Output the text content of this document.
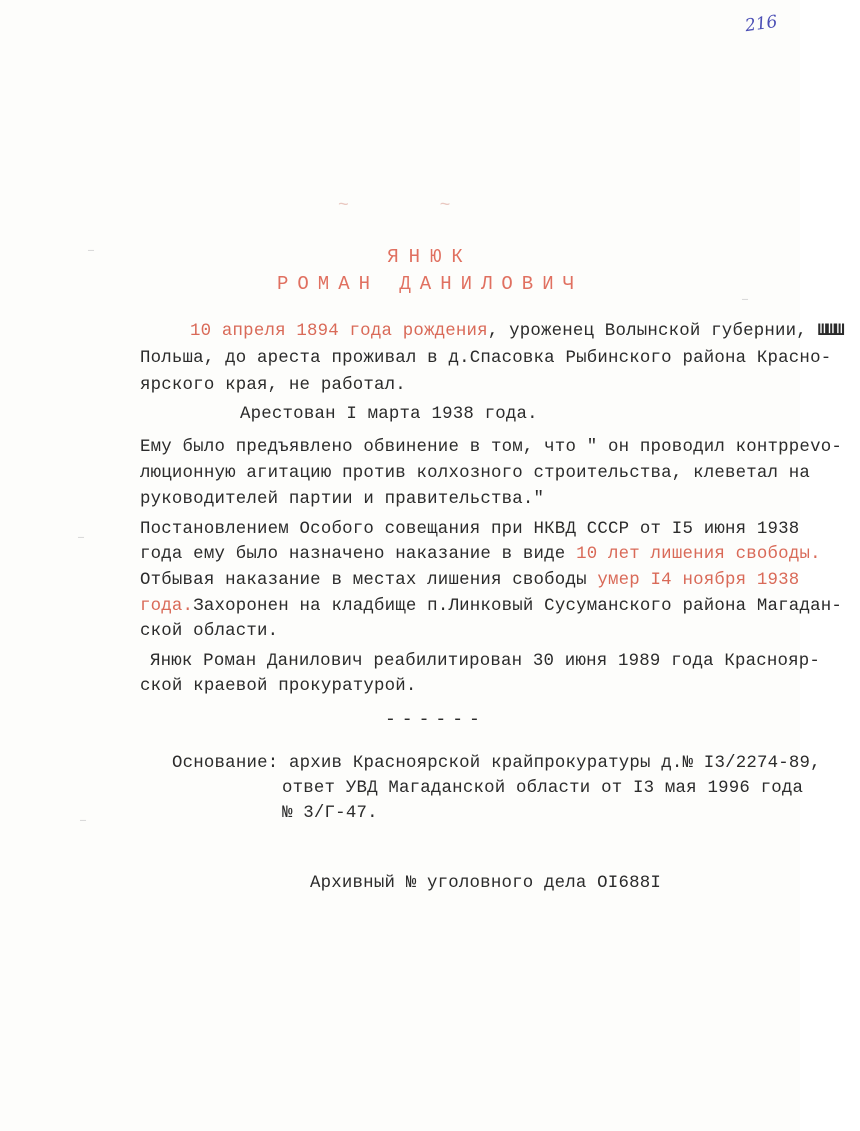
216
~ ~
—
—
—
—
ЯНЮК
РОМАН ДАНИЛОВИЧ
10 апреля 1894 года рождения, уроженец Волынской губернии, ШШШ
Польша, до ареста проживал в д.Спасовка Рыбинского района Красно-
ярского края, не работал.
Арестован I марта 1938 года.
Ему было предъявлено обвинение в том, что " он проводил контрреvo-
люционную агитацию против колхозного строительства, клеветал на
руководителей партии и правительства."
Постановлением Особого совещания при НКВД СССР от I5 июня 1938
года ему было назначено наказание в виде 10 лет лишения свободы.
Отбывая наказание в местах лишения свободы умер I4 ноября 1938
года.Захоронен на кладбище п.Линковый Сусуманского района Магадан-
ской области.
Янюк Роман Данилович реабилитирован 30 июня 1989 года Краснояр-
ской краевой прокуратурой.
------
Основание: архив Красноярской крайпрокуратуры д.№ I3/2274-89,
ответ УВД Магаданской области от I3 мая 1996 года
№ 3/Г-47.
Архивный № уголовного дела OI688I
